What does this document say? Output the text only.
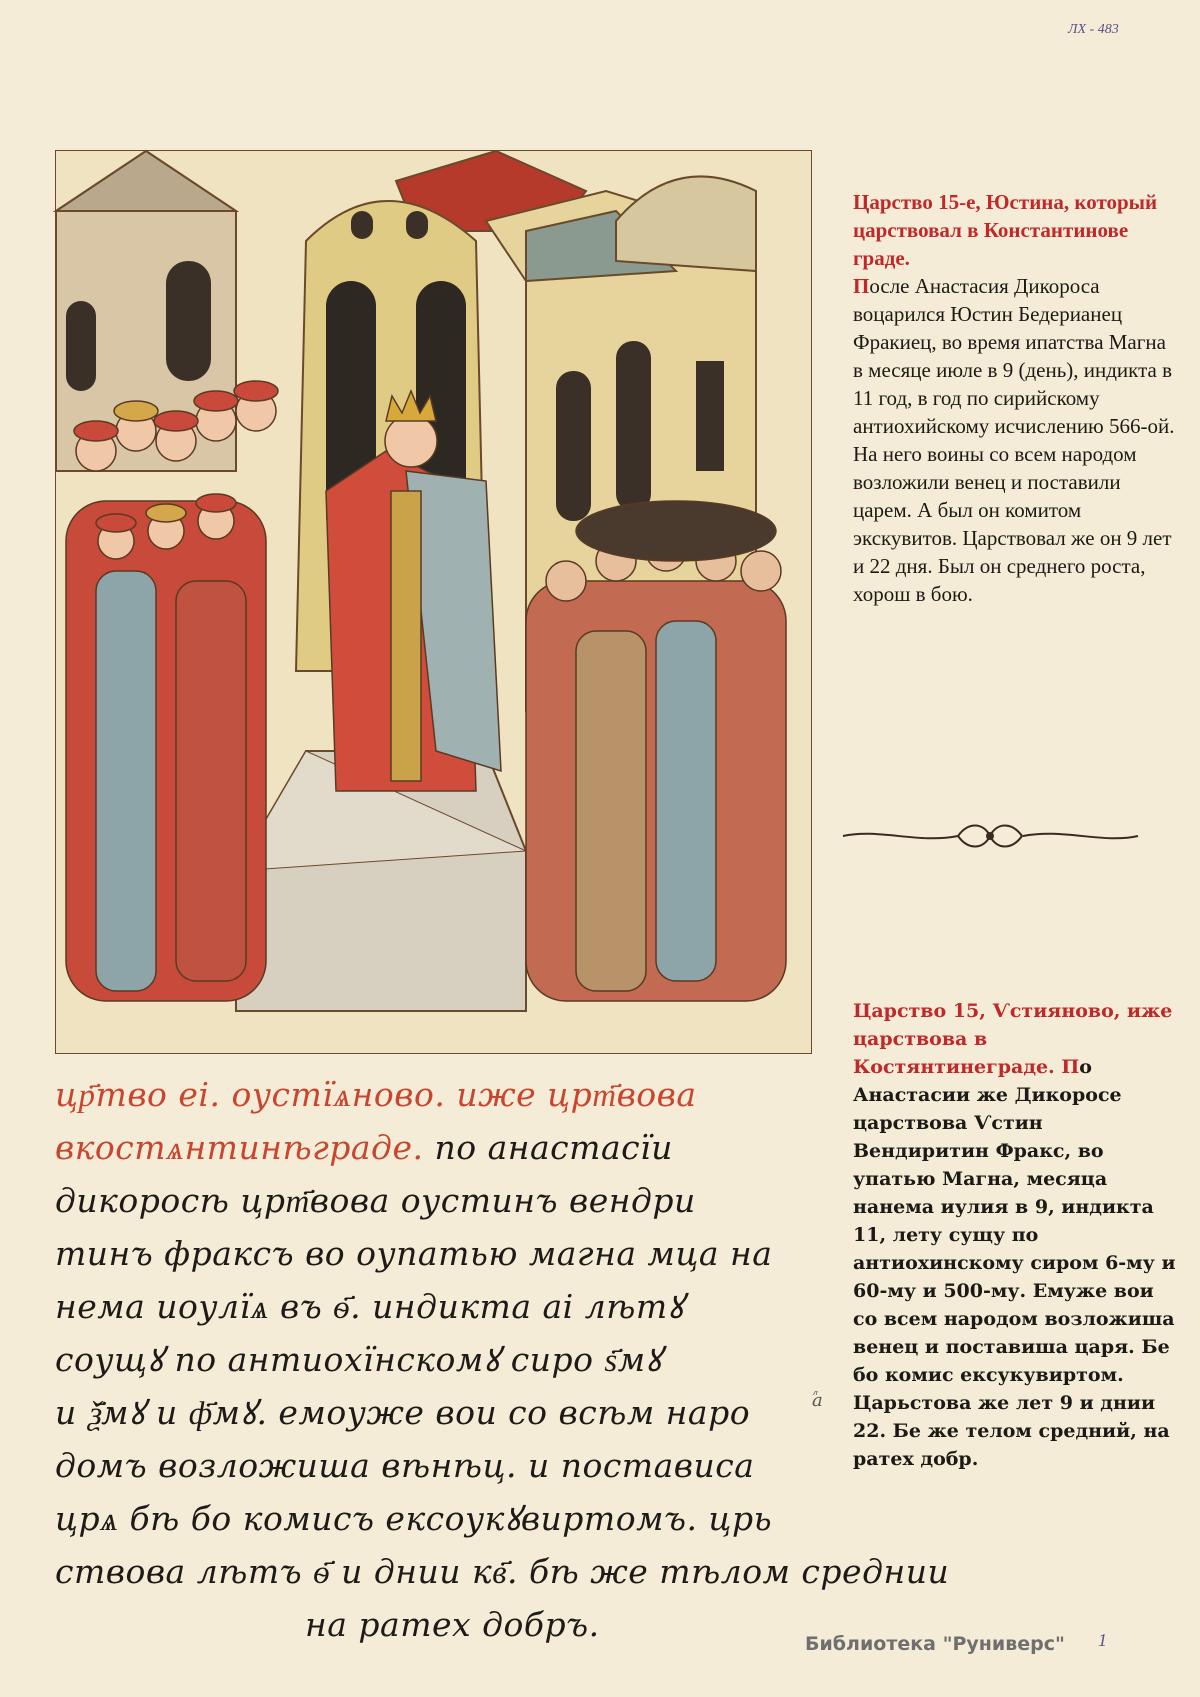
ЛХ - 483
Царство 15-е, Юстина, который царствовал в Константинове граде.
После Анастасия Дикороса воцарился Юстин Бедерианец Фракиец, во время ипатства Магна в месяце июле в 9 (день), индикта в 11 год, в год по сирийскому антиохийскому исчислению 566-ой. На него воины со всем народом возложили венец и поставили царем. А был он комитом экскувитов. Царствовал же он 9 лет и 22 дня. Был он среднего роста, хорош в бою.
Царство 15, Ѵстияново, иже царствова в Костянтинеграде. По Анастасии же Дикоросе царствова Ѵстин Вендиритин Фракс, во упатью Магна, месяца нанема иулия в 9, индикта 11, лету сущу по антиохинскому сиром 6-му и 60-му и 500-му. Емуже вои со всем народом возложиша венец и поставиша царя. Бе бо комис ексукувиртом. Царьстова же лет 9 и днии 22. Бе же телом средний, на ратех добр.
цр҃тво еі. оустїѧново. иже црт҃вова
вкостѧнтинѣграде. по анастасїи
дикоросѣ црт҃вова оустинъ вендри
тинъ фраксъ во оупатью магна мца на
нема иоулїѧ въ ѳ҃. индикта аі лѣтꙋ
соущꙋ по антиохїнскомꙋ сиро ѕ҃мꙋ
и ѯ҃мꙋ и ф҃мꙋ. емоуже вои со всѣм наро
домъ возложиша вѣнѣц. и постависа
црѧ бѣ бо комисъ ексоукꙋвиртомъ. црь
ствова лѣтъ ѳ҃ и днии кв҃. бѣ же тѣлом среднии
на ратех добръ.
ⷧа
Библиотека "Руниверс" 1
